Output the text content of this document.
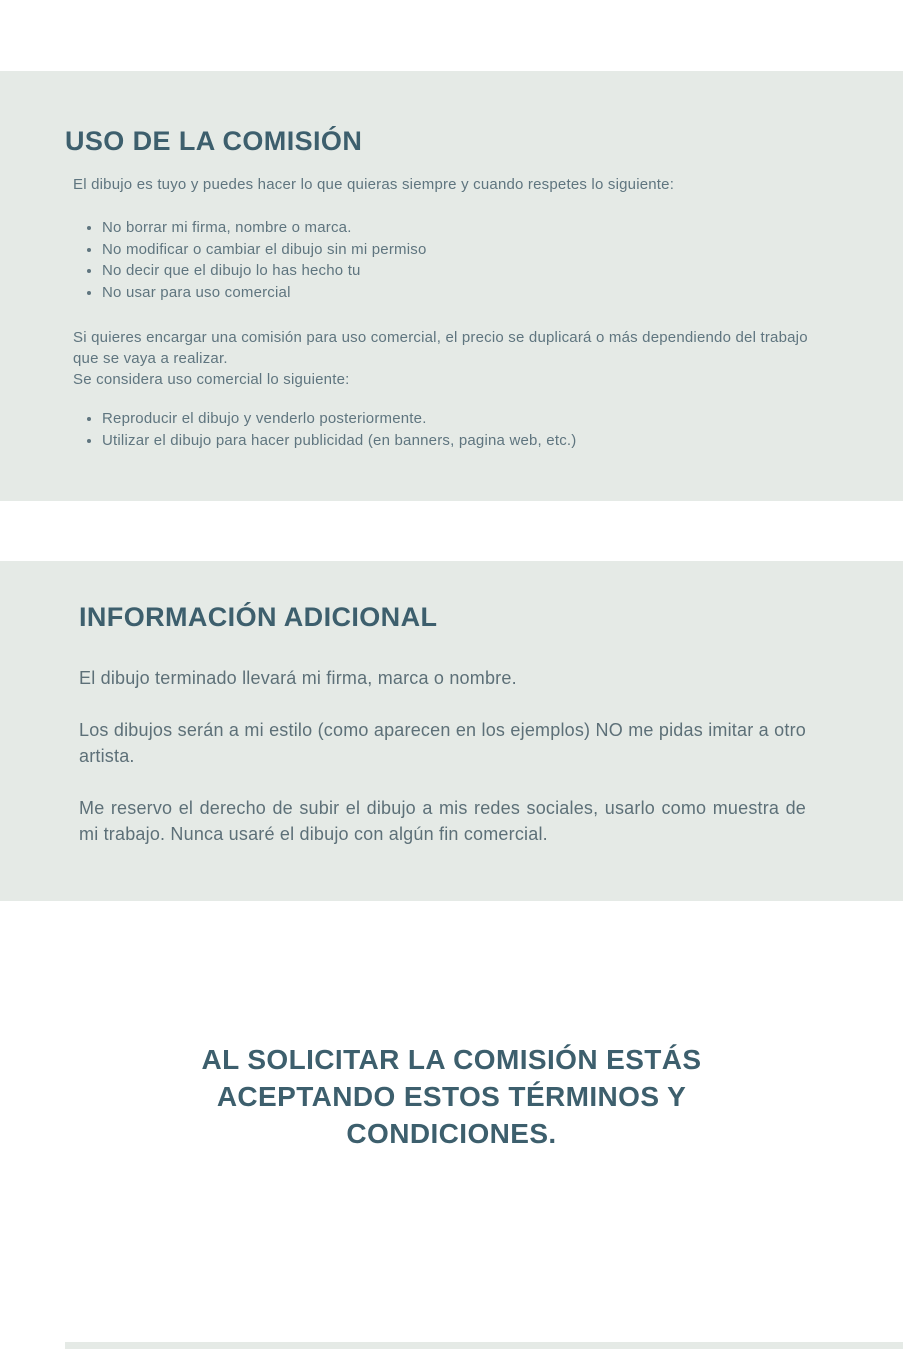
USO DE LA COMISIÓN

El dibujo es tuyo y puedes hacer lo que quieras siempre y cuando respetes lo siguiente:

• No borrar mi firma, nombre o marca.
• No modificar o cambiar el dibujo sin mi permiso
• No decir que el dibujo lo has hecho tu
• No usar para uso comercial

Si quieres encargar una comisión para uso comercial, el precio se duplicará o más dependiendo del trabajo que se vaya a realizar.
Se considera uso comercial lo siguiente:

• Reproducir el dibujo y venderlo posteriormente.
• Utilizar el dibujo para hacer publicidad (en banners, pagina web, etc.)
INFORMACIÓN ADICIONAL

El dibujo terminado llevará mi firma, marca o nombre.

Los dibujos serán a mi estilo (como aparecen en los ejemplos) NO me pidas imitar a otro artista.

Me reservo el derecho de subir el dibujo a mis redes sociales, usarlo como muestra de mi trabajo. Nunca usaré el dibujo con algún fin comercial.

AL SOLICITAR LA COMISIÓN ESTÁS ACEPTANDO ESTOS TÉRMINOS Y CONDICIONES.
